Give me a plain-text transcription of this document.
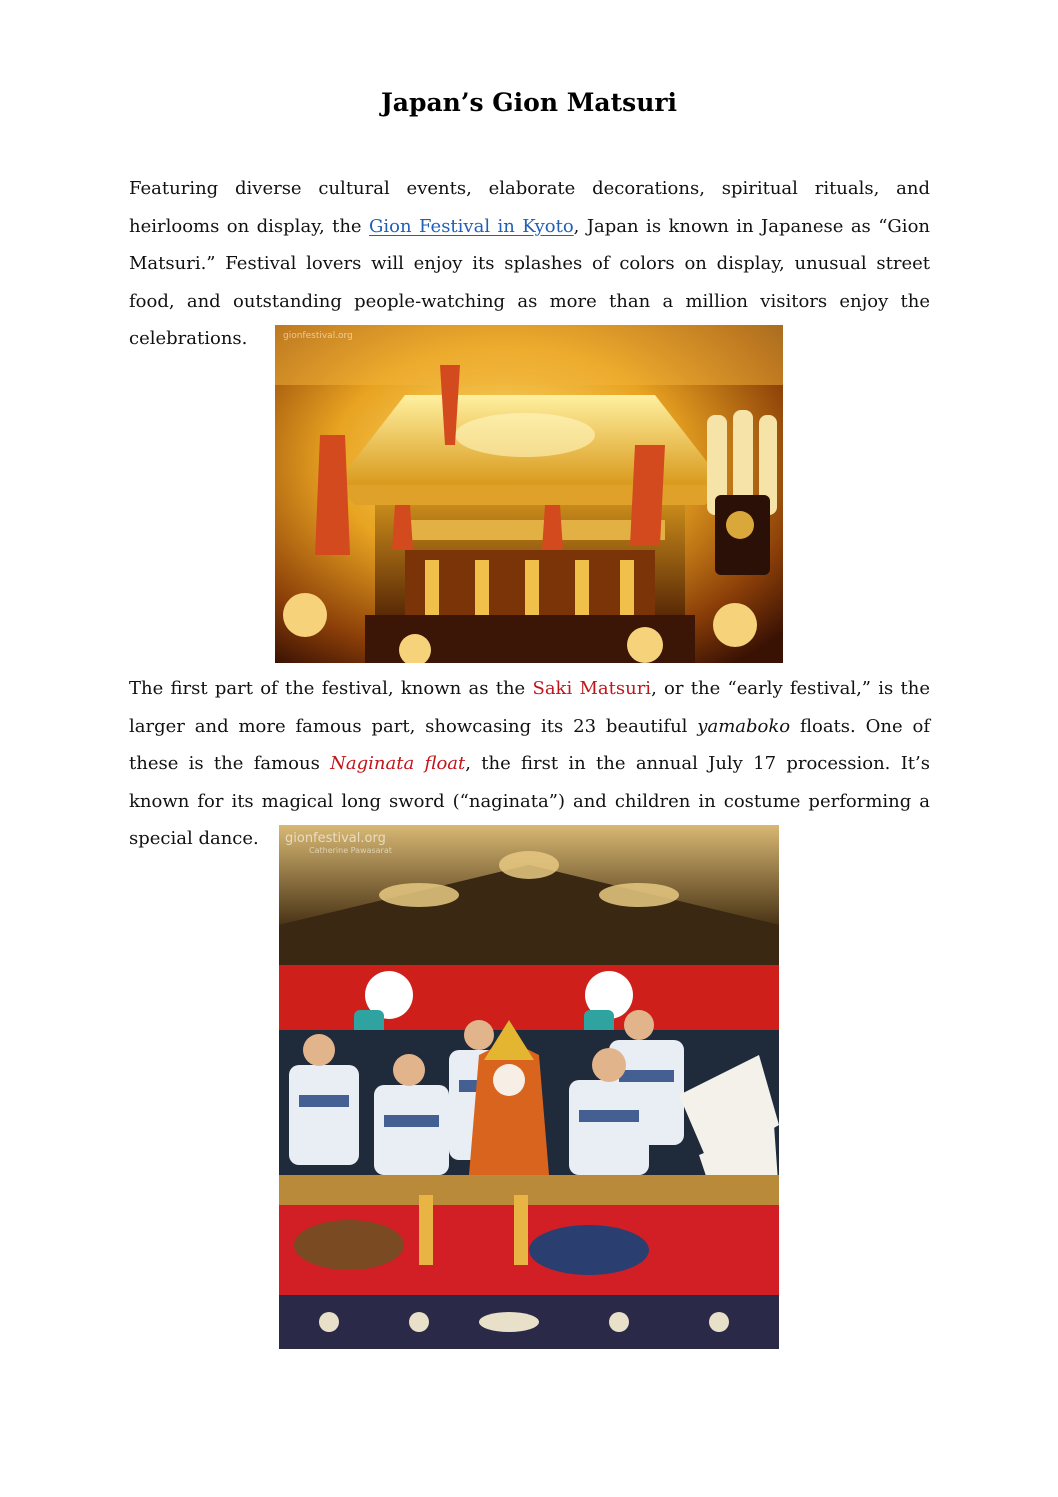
Japan’s Gion Matsuri

Featuring diverse cultural events, elaborate decorations, spiritual rituals, and heirlooms on display, the Gion Festival in Kyoto, Japan is known in Japanese as “Gion Matsuri.” Festival lovers will enjoy its splashes of colors on display, unusual street food, and outstanding people-watching as more than a million visitors enjoy the celebrations.	gionfestival.org

The first part of the festival, known as the Saki Matsuri, or the “early festival,” is the larger and more famous part, showcasing its 23 beautiful yamaboko floats. One of these is the famous Naginata float, the first in the annual July 17 procession. It’s known for its magical long sword (“naginata”) and children in costume performing a special dance.	gionfestival.org
Catherine Pawasarat
